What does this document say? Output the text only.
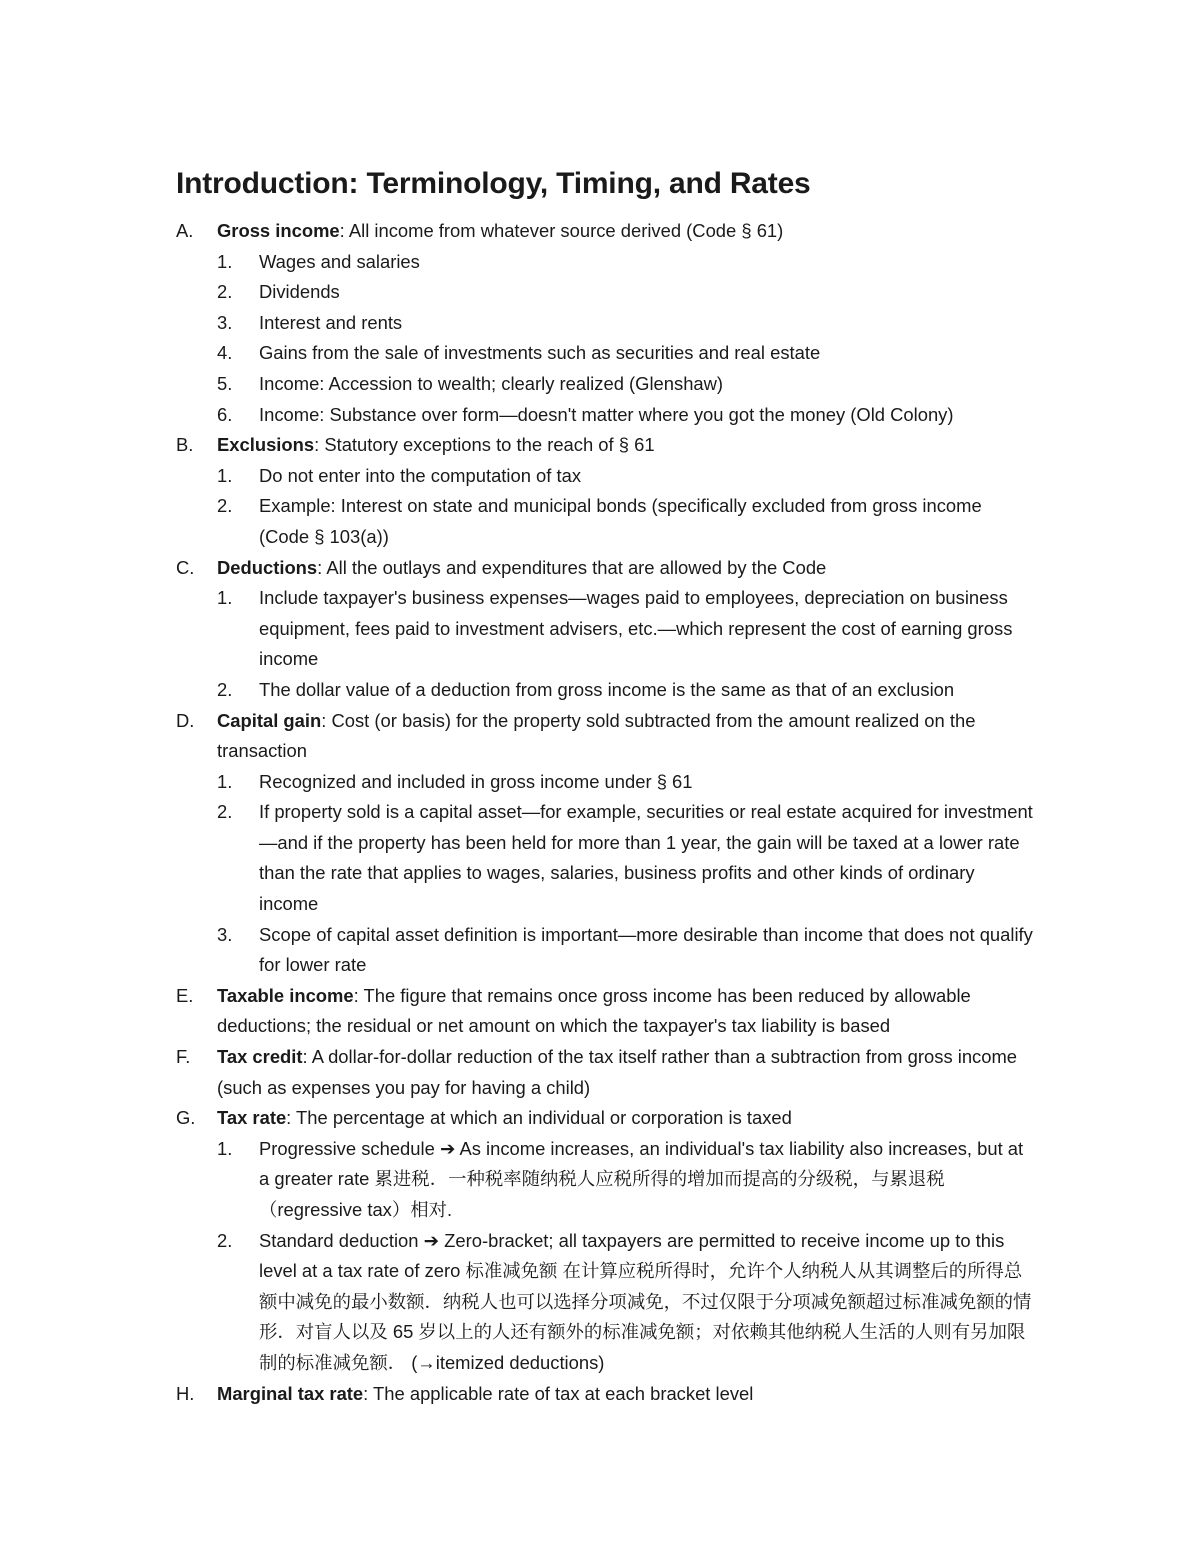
Introduction: Terminology, Timing, and Rates
A.	Gross income: All income from whatever source derived (Code § 61)
1.	Wages and salaries
2.	Dividends
3.	Interest and rents
4.	Gains from the sale of investments such as securities and real estate
5.	Income: Accession to wealth; clearly realized (Glenshaw)
6.	Income: Substance over form—doesn't matter where you got the money (Old Colony)
B.	Exclusions: Statutory exceptions to the reach of § 61
1.	Do not enter into the computation of tax
2.	Example: Interest on state and municipal bonds (specifically excluded from gross income (Code § 103(a))
C.	Deductions: All the outlays and expenditures that are allowed by the Code
1.	Include taxpayer's business expenses—wages paid to employees, depreciation on business equipment, fees paid to investment advisers, etc.—which represent the cost of earning gross income
2.	The dollar value of a deduction from gross income is the same as that of an exclusion
D.	Capital gain: Cost (or basis) for the property sold subtracted from the amount realized on the transaction
1.	Recognized and included in gross income under § 61
2.	If property sold is a capital asset—for example, securities or real estate acquired for investment—and if the property has been held for more than 1 year, the gain will be taxed at a lower rate than the rate that applies to wages, salaries, business profits and other kinds of ordinary income
3.	Scope of capital asset definition is important—more desirable than income that does not qualify for lower rate
E.	Taxable income: The figure that remains once gross income has been reduced by allowable deductions; the residual or net amount on which the taxpayer's tax liability is based
F.	Tax credit: A dollar-for-dollar reduction of the tax itself rather than a subtraction from gross income (such as expenses you pay for having a child)
G.	Tax rate: The percentage at which an individual or corporation is taxed
1.	Progressive schedule ➔ As income increases, an individual's tax liability also increases, but at a greater rate 累进税．一种税率随纳税人应税所得的增加而提高的分级税，与累退税（regressive tax）相对.
2.	Standard deduction ➔ Zero-bracket; all taxpayers are permitted to receive income up to this level at a tax rate of zero 标准减免额 在计算应税所得时，允许个人纳税人从其调整后的所得总额中减免的最小数额．纳税人也可以选择分项减免，不过仅限于分项减免额超过标准减免额的情形．对盲人以及 65 岁以上的人还有额外的标准减免额；对依赖其他纳税人生活的人则有另加限制的标准减免额． (→itemized deductions)
H.	Marginal tax rate: The applicable rate of tax at each bracket level
